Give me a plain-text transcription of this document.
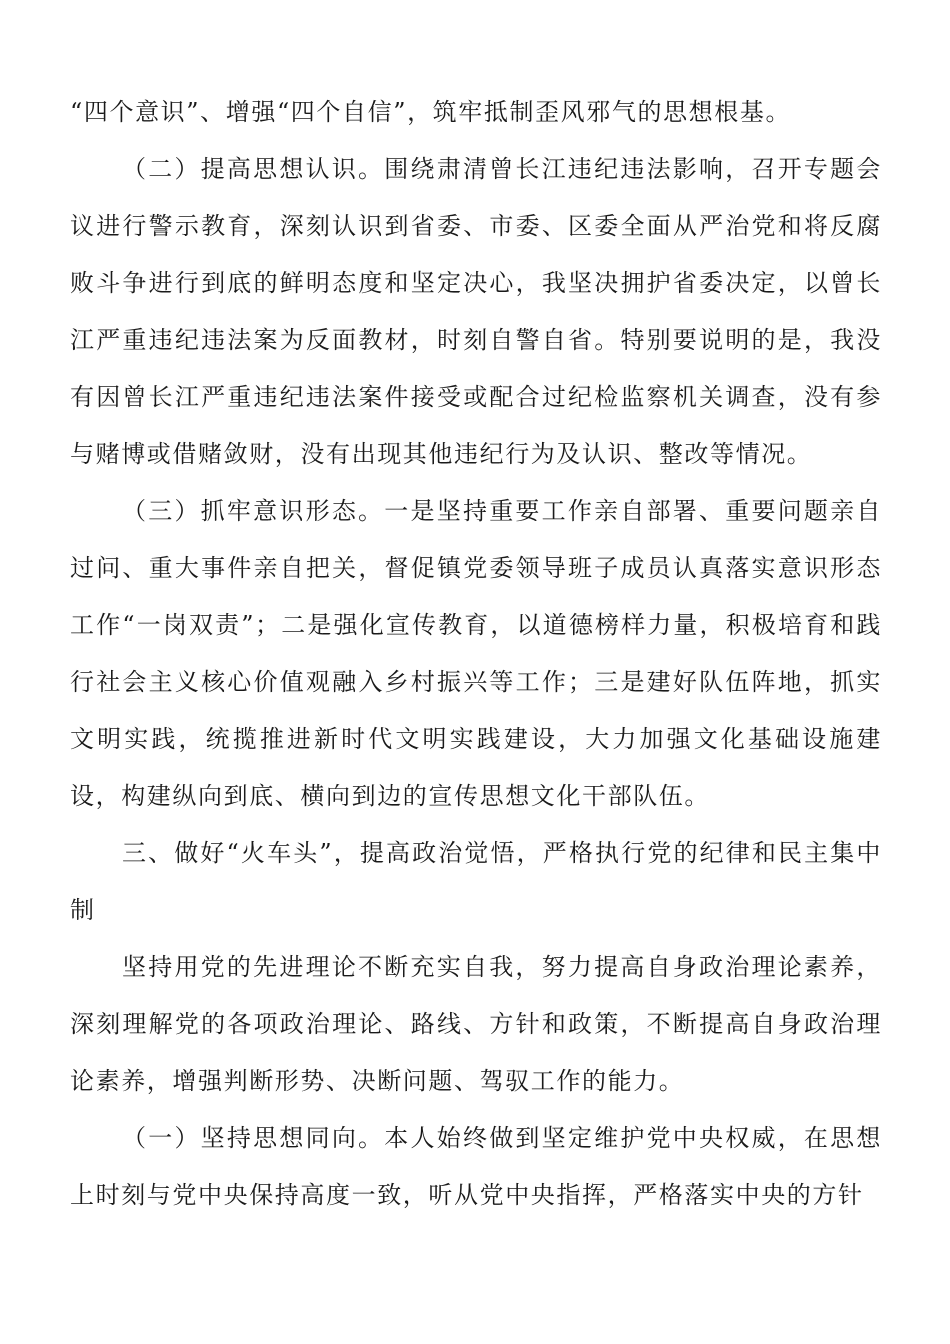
“四个意识”、增强“四个自信”，筑牢抵制歪风邪气的思想根基。

（二）提高思想认识。围绕肃清曾长江违纪违法影响，召开专题会议进行警示教育，深刻认识到省委、市委、区委全面从严治党和将反腐败斗争进行到底的鲜明态度和坚定决心，我坚决拥护省委决定，以曾长江严重违纪违法案为反面教材，时刻自警自省。特别要说明的是，我没有因曾长江严重违纪违法案件接受或配合过纪检监察机关调查，没有参与赌博或借赌敛财，没有出现其他违纪行为及认识、整改等情况。

（三）抓牢意识形态。一是坚持重要工作亲自部署、重要问题亲自过问、重大事件亲自把关，督促镇党委领导班子成员认真落实意识形态工作“一岗双责”；二是强化宣传教育，以道德榜样力量，积极培育和践行社会主义核心价值观融入乡村振兴等工作；三是建好队伍阵地，抓实文明实践，统揽推进新时代文明实践建设，大力加强文化基础设施建设，构建纵向到底、横向到边的宣传思想文化干部队伍。

三、做好“火车头”，提高政治觉悟，严格执行党的纪律和民主集中制

坚持用党的先进理论不断充实自我，努力提高自身政治理论素养，深刻理解党的各项政治理论、路线、方针和政策，不断提高自身政治理论素养，增强判断形势、决断问题、驾驭工作的能力。

（一）坚持思想同向。本人始终做到坚定维护党中央权威，在思想上时刻与党中央保持高度一致，听从党中央指挥，严格落实中央的方针
